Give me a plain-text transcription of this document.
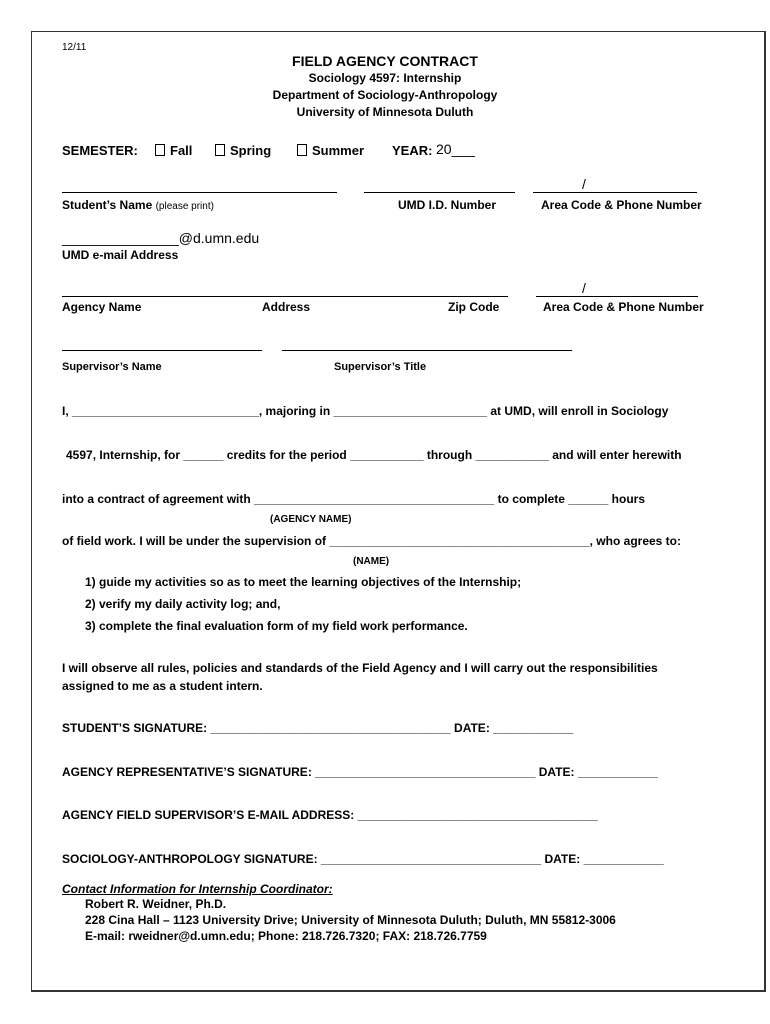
12/11
FIELD AGENCY CONTRACT
Sociology 4597: Internship
Department of Sociology-Anthropology
University of Minnesota Duluth
SEMESTER:	Fall	Spring	Summer YEAR: 20___
/
Student’s Name (please print)	UMD I.D. Number	Area Code & Phone Number
_______________@d.umn.edu
UMD e-mail Address
/
Agency Name	Address	Zip Code	Area Code & Phone Number
Supervisor’s Name	Supervisor’s Title
I, ____________________________, majoring in _______________________ at UMD, will enroll in Sociology
4597, Internship, for ______ credits for the period ___________ through ___________ and will enter herewith
into a contract of agreement with ____________________________________ to complete ______ hours
(AGENCY NAME)
of field work. I will be under the supervision of _______________________________________, who agrees to:
(NAME)
1) guide my activities so as to meet the learning objectives of the Internship;
2) verify my daily activity log; and,
3) complete the final evaluation form of my field work performance.
I will observe all rules, policies and standards of the Field Agency and I will carry out the responsibilities
assigned to me as a student intern.
STUDENT’S SIGNATURE: ____________________________________ DATE: ____________
AGENCY REPRESENTATIVE’S SIGNATURE: _________________________________ DATE: ____________
AGENCY FIELD SUPERVISOR’S E-MAIL ADDRESS: ____________________________________
SOCIOLOGY-ANTHROPOLOGY SIGNATURE: _________________________________ DATE: ____________
Contact Information for Internship Coordinator:
Robert R. Weidner, Ph.D.
228 Cina Hall – 1123 University Drive; University of Minnesota Duluth; Duluth, MN 55812-3006
E-mail: rweidner@d.umn.edu; Phone: 218.726.7320; FAX: 218.726.7759
